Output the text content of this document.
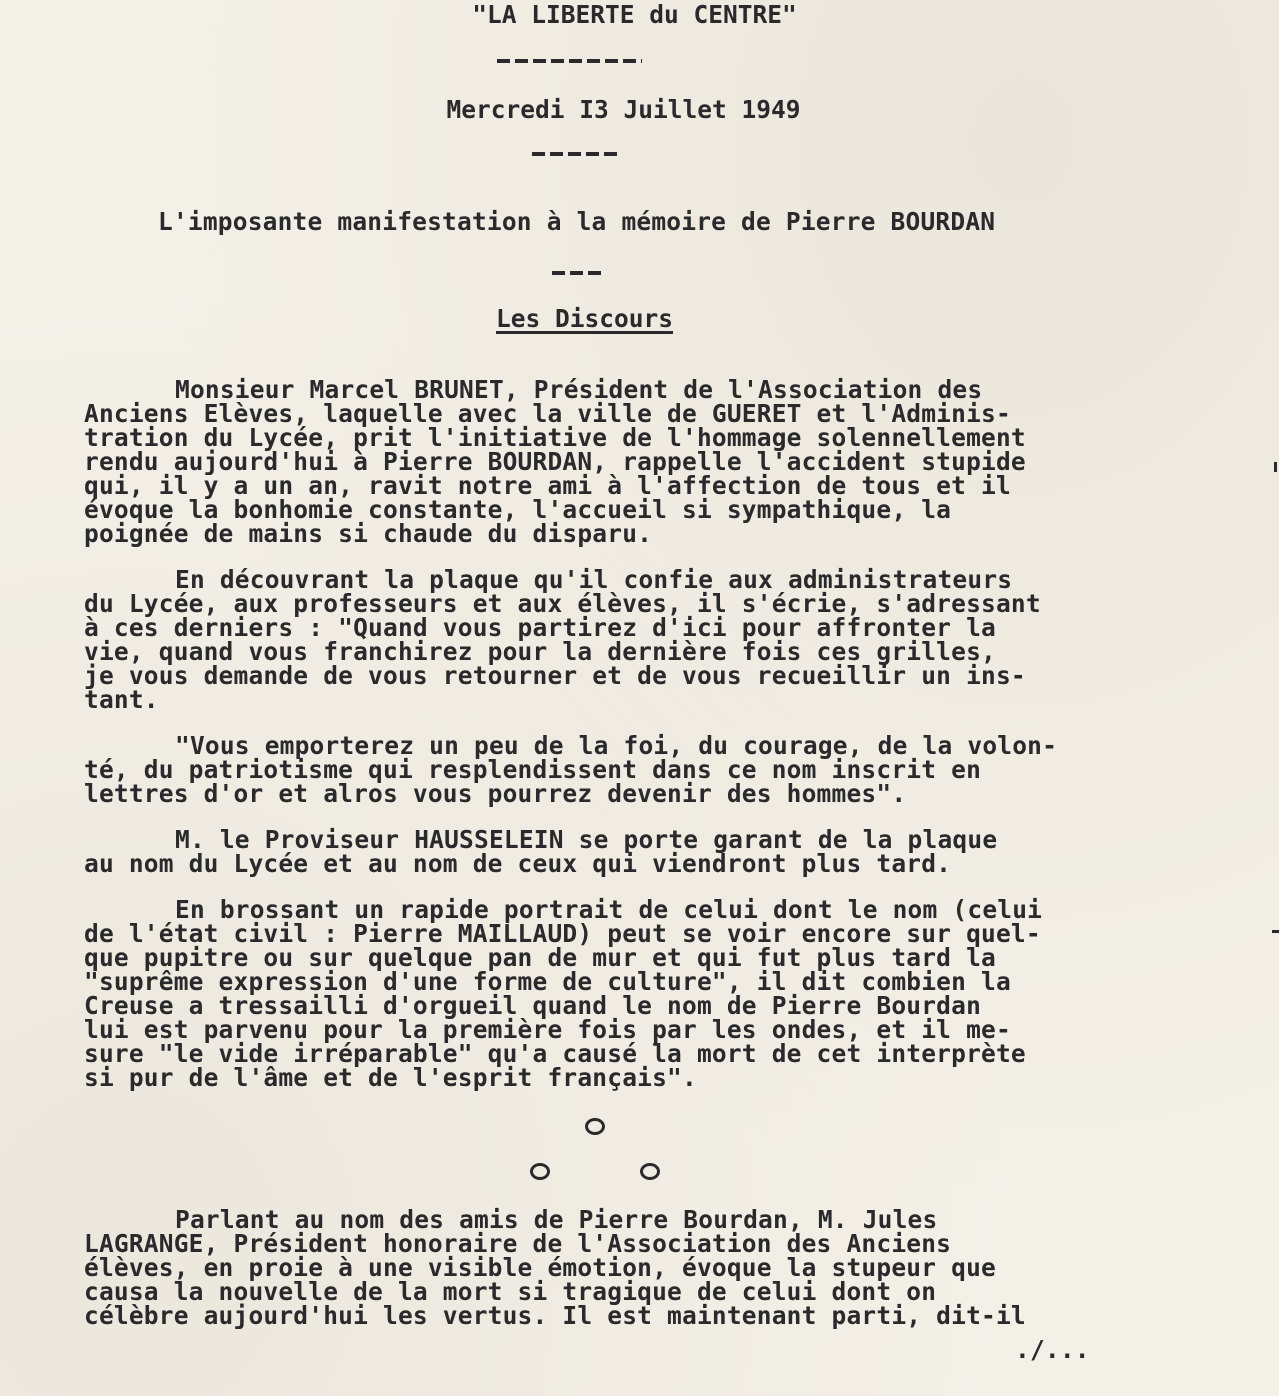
"LA LIBERTE du CENTRE"
Mercredi I3 Juillet 1949
L'imposante manifestation à la mémoire de Pierre BOURDAN
Les Discours
Monsieur Marcel BRUNET, Président de l'Association des
Anciens Elèves, laquelle avec la ville de GUERET et l'Adminis-
tration du Lycée, prit l'initiative de l'hommage solennellement
rendu aujourd'hui à Pierre BOURDAN, rappelle l'accident stupide
qui, il y a un an, ravit notre ami à l'affection de tous et il
évoque la bonhomie constante, l'accueil si sympathique, la
poignée de mains si chaude du disparu.
En découvrant la plaque qu'il confie aux administrateurs
du Lycée, aux professeurs et aux élèves, il s'écrie, s'adressant
à ces derniers : "Quand vous partirez d'ici pour affronter la
vie, quand vous franchirez pour la dernière fois ces grilles,
je vous demande de vous retourner et de vous recueillir un ins-
tant.
"Vous emporterez un peu de la foi, du courage, de la volon-
té, du patriotisme qui resplendissent dans ce nom inscrit en
lettres d'or et alros vous pourrez devenir des hommes".
M. le Proviseur HAUSSELEIN se porte garant de la plaque
au nom du Lycée et au nom de ceux qui viendront plus tard.
En brossant un rapide portrait de celui dont le nom (celui
de l'état civil : Pierre MAILLAUD) peut se voir encore sur quel-
que pupitre ou sur quelque pan de mur et qui fut plus tard la
"suprême expression d'une forme de culture", il dit combien la
Creuse a tressailli d'orgueil quand le nom de Pierre Bourdan
lui est parvenu pour la première fois par les ondes, et il me-
sure "le vide irréparable" qu'a causé la mort de cet interprète
si pur de l'âme et de l'esprit français".
Parlant au nom des amis de Pierre Bourdan, M. Jules
LAGRANGE, Président honoraire de l'Association des Anciens
élèves, en proie à une visible émotion, évoque la stupeur que
causa la nouvelle de la mort si tragique de celui dont on
célèbre aujourd'hui les vertus. Il est maintenant parti, dit-il
./...
